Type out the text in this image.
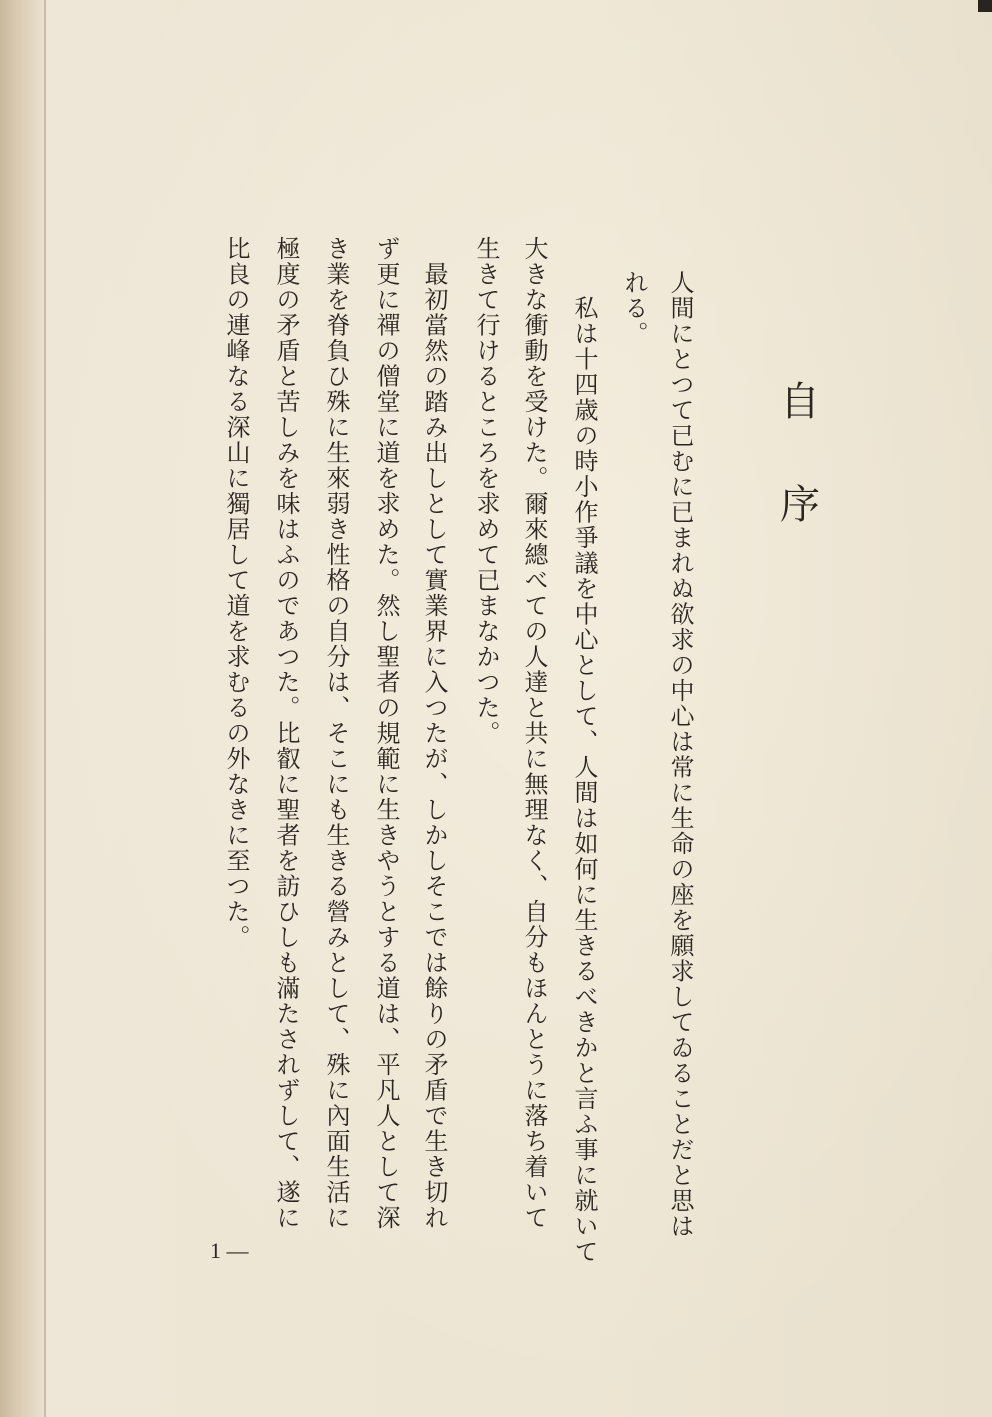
自
序
人間にとつて已むに已まれぬ欲求の中心は常に生命の座を願求してゐることだと思は
れる。
　私は十四歳の時小作爭議を中心として、人間は如何に生きるべきかと言ふ事に就いて
大きな衝動を受けた。爾來總べての人達と共に無理なく、自分もほんとうに落ち着いて
生きて行けるところを求めて已まなかつた。
　最初當然の踏み出しとして實業界に入つたが、しかしそこでは餘りの矛盾で生き切れ
ず更に禪の僧堂に道を求めた。然し聖者の規範に生きやうとする道は、平凡人として深
き業を脊負ひ殊に生來弱き性格の自分は、そこにも生きる營みとして、殊に內面生活に
極度の矛盾と苦しみを味はふのであつた。比叡に聖者を訪ひしも滿たされずして、遂に
比良の連峰なる深山に獨居して道を求むるの外なきに至つた。
1 —
